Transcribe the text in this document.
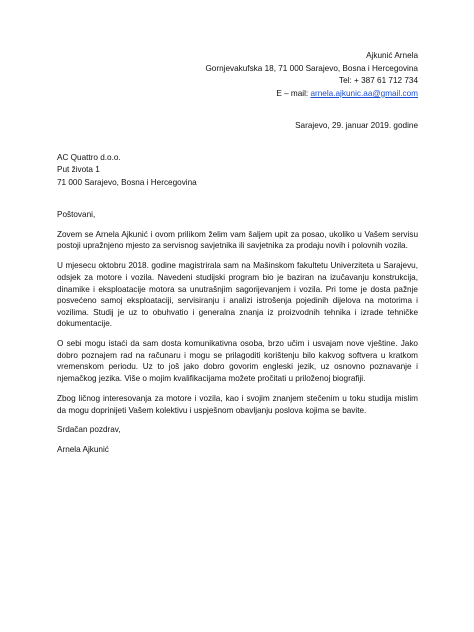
Ajkunić Arnela
Gornjevakufska 18, 71 000 Sarajevo, Bosna i Hercegovina
Tel: + 387 61 712 734
E – mail: arnela.ajkunic.aa@gmail.com
Sarajevo, 29. januar 2019. godine
AC Quattro d.o.o.
Put života 1
71 000 Sarajevo, Bosna i Hercegovina

Poštovani,

Zovem se Arnela Ajkunić i ovom prilikom želim vam šaljem upit za posao, ukoliko u Vašem servisu postoji upražnjeno mjesto za servisnog savjetnika ili savjetnika za prodaju novih i polovnih vozila.

U mjesecu oktobru 2018. godine magistrirala sam na Mašinskom fakultetu Univerziteta u Sarajevu, odsjek za motore i vozila. Navedeni studijski program bio je baziran na izučavanju konstrukcija, dinamike i eksploatacije motora sa unutrašnjim sagorijevanjem i vozila. Pri tome je dosta pažnje posvećeno samoj eksploataciji, servisiranju i analizi istrošenja pojedinih dijelova na motorima i vozilima. Studij je uz to obuhvatio i generalna znanja iz proizvodnih tehnika i izrade tehničke dokumentacije.

O sebi mogu istaći da sam dosta komunikativna osoba, brzo učim i usvajam nove vještine. Jako dobro poznajem rad na računaru i mogu se prilagoditi korištenju bilo kakvog softvera u kratkom vremenskom periodu. Uz to još jako dobro govorim engleski jezik, uz osnovno poznavanje i njemačkog jezika. Više o mojim kvalifikacijama možete pročitati u priloženoj biografiji.

Zbog ličnog interesovanja za motore i vozila, kao i svojim znanjem stečenim u toku studija mislim da mogu doprinijeti Vašem kolektivu i uspješnom obavljanju poslova kojima se bavite.

Srdačan pozdrav,

Arnela Ajkunić
